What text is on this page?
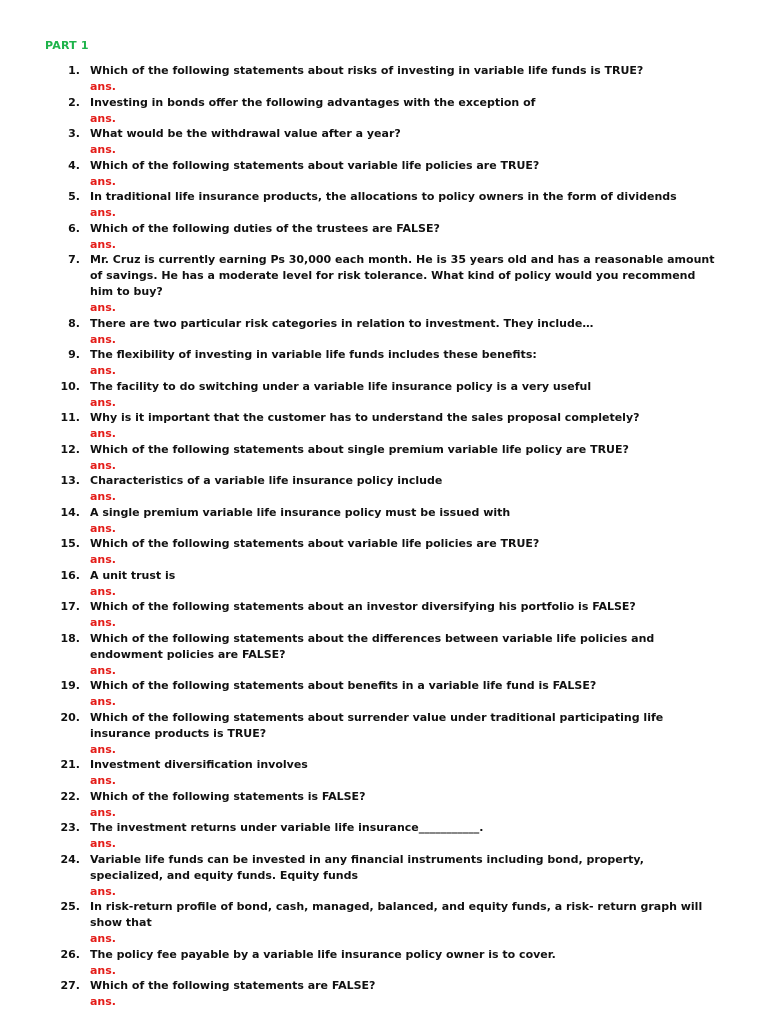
PART 1
1. Which of the following statements about risks of investing in variable life funds is TRUE?
ans.
2. Investing in bonds offer the following advantages with the exception of
ans.
3. What would be the withdrawal value after a year?
ans.
4. Which of the following statements about variable life policies are TRUE?
ans.
5. In traditional life insurance products, the allocations to policy owners in the form of dividends
ans.
6. Which of the following duties of the trustees are FALSE?
ans.
7. Mr. Cruz is currently earning Ps 30,000 each month. He is 35 years old and has a reasonable amount of savings. He has a moderate level for risk tolerance. What kind of policy would you recommend him to buy?
ans.
8. There are two particular risk categories in relation to investment. They include…
ans.
9. The flexibility of investing in variable life funds includes these benefits:
ans.
10. The facility to do switching under a variable life insurance policy is a very useful
ans.
11. Why is it important that the customer has to understand the sales proposal completely?
ans.
12. Which of the following statements about single premium variable life policy are TRUE?
ans.
13. Characteristics of a variable life insurance policy include
ans.
14. A single premium variable life insurance policy must be issued with
ans.
15. Which of the following statements about variable life policies are TRUE?
ans.
16. A unit trust is
ans.
17. Which of the following statements about an investor diversifying his portfolio is FALSE?
ans.
18. Which of the following statements about the differences between variable life policies and endowment policies are FALSE?
ans.
19. Which of the following statements about benefits in a variable life fund is FALSE?
ans.
20. Which of the following statements about surrender value under traditional participating life insurance products is TRUE?
ans.
21. Investment diversification involves
ans.
22. Which of the following statements is FALSE?
ans.
23. The investment returns under variable life insurance___________.
ans.
24. Variable life funds can be invested in any financial instruments including bond, property, specialized, and equity funds. Equity funds
ans.
25. In risk-return profile of bond, cash, managed, balanced, and equity funds, a risk- return graph will show that
ans.
26. The policy fee payable by a variable life insurance policy owner is to cover.
ans.
27. Which of the following statements are FALSE?
ans.
